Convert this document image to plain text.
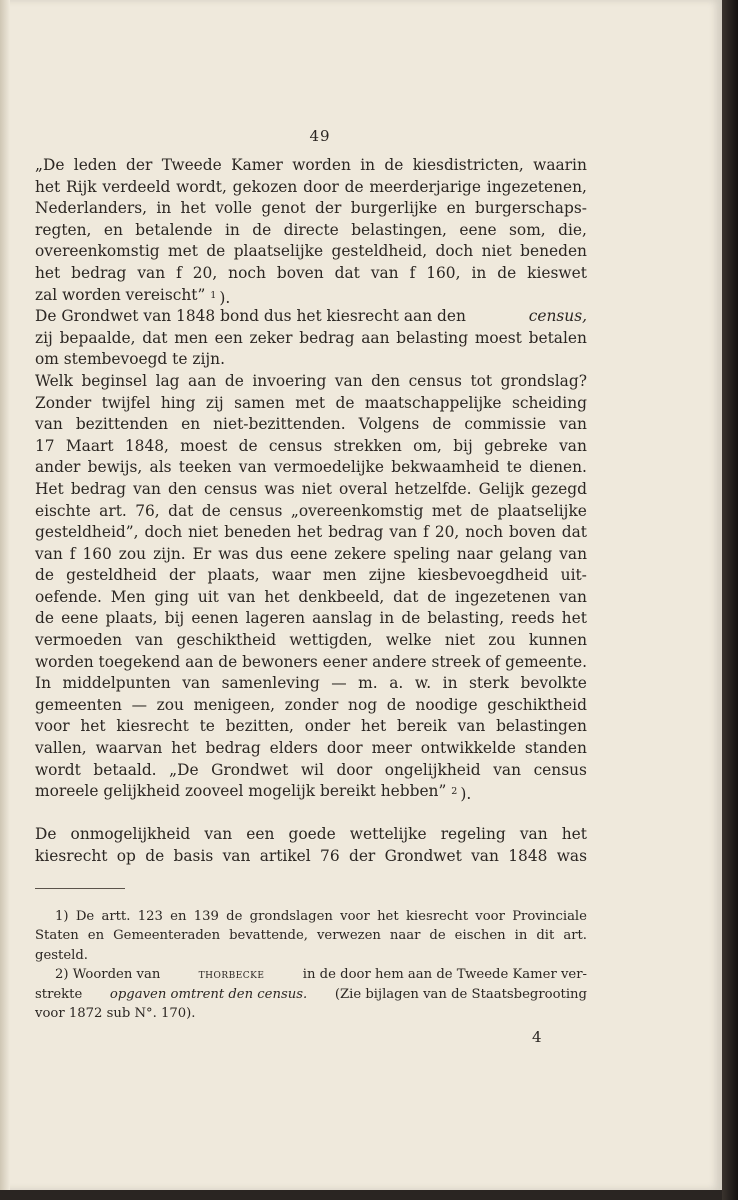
49
„De leden der Tweede Kamer worden in de kiesdistricten, waarin
het Rijk verdeeld wordt, gekozen door de meerderjarige ingezetenen,
Nederlanders, in het volle genot der burgerlijke en burgerschaps-
regten, en betalende in de directe belastingen, eene som, die,
overeenkomstig met de plaatselijke gesteldheid, doch niet beneden
het bedrag van f 20, noch boven dat van f 160, in de kieswet
zal worden vereischt” $^1$ ).
De Grondwet van 1848 bond dus het kiesrecht aan den	census,
zij bepaalde, dat men een zeker bedrag aan belasting moest betalen
om stembevoegd te zijn.
Welk beginsel lag aan de invoering van den census tot grondslag?
Zonder twijfel hing zij samen met de maatschappelijke scheiding
van bezittenden en niet-bezittenden. Volgens de commissie van
17 Maart 1848, moest de census strekken om, bij gebreke van
ander bewijs, als teeken van vermoedelijke bekwaamheid te dienen.
Het bedrag van den census was niet overal hetzelfde. Gelijk gezegd
eischte art. 76, dat de census „overeenkomstig met de plaatselijke
gesteldheid”, doch niet beneden het bedrag van f 20, noch boven dat
van f 160 zou zijn. Er was dus eene zekere speling naar gelang van
de gesteldheid der plaats, waar men zijne kiesbevoegdheid uit-
oefende. Men ging uit van het denkbeeld, dat de ingezetenen van
de eene plaats, bij eenen lageren aanslag in de belasting, reeds het
vermoeden van geschiktheid wettigden, welke niet zou kunnen
worden toegekend aan de bewoners eener andere streek of gemeente.
In middelpunten van samenleving — m. a. w. in sterk bevolkte
gemeenten — zou menigeen, zonder nog de noodige geschiktheid
voor het kiesrecht te bezitten, onder het bereik van belastingen
vallen, waarvan het bedrag elders door meer ontwikkelde standen
wordt betaald. „De Grondwet wil door ongelijkheid van census
moreele gelijkheid zooveel mogelijk bereikt hebben” $^2$ ).
De onmogelijkheid van een goede wettelijke regeling van het
kiesrecht op de basis van artikel 76 der Grondwet van 1848 was
1) De artt. 123 en 139 de grondslagen voor het kiesrecht voor Provinciale
Staten en Gemeenteraden bevattende, verwezen naar de eischen in dit art.
gesteld.
2) Woorden van	thorbecke	in de door hem aan de Tweede Kamer ver-
strekte opgaven omtrent den census. (Zie bijlagen van de Staatsbegrooting
voor 1872 sub N°. 170).
4
